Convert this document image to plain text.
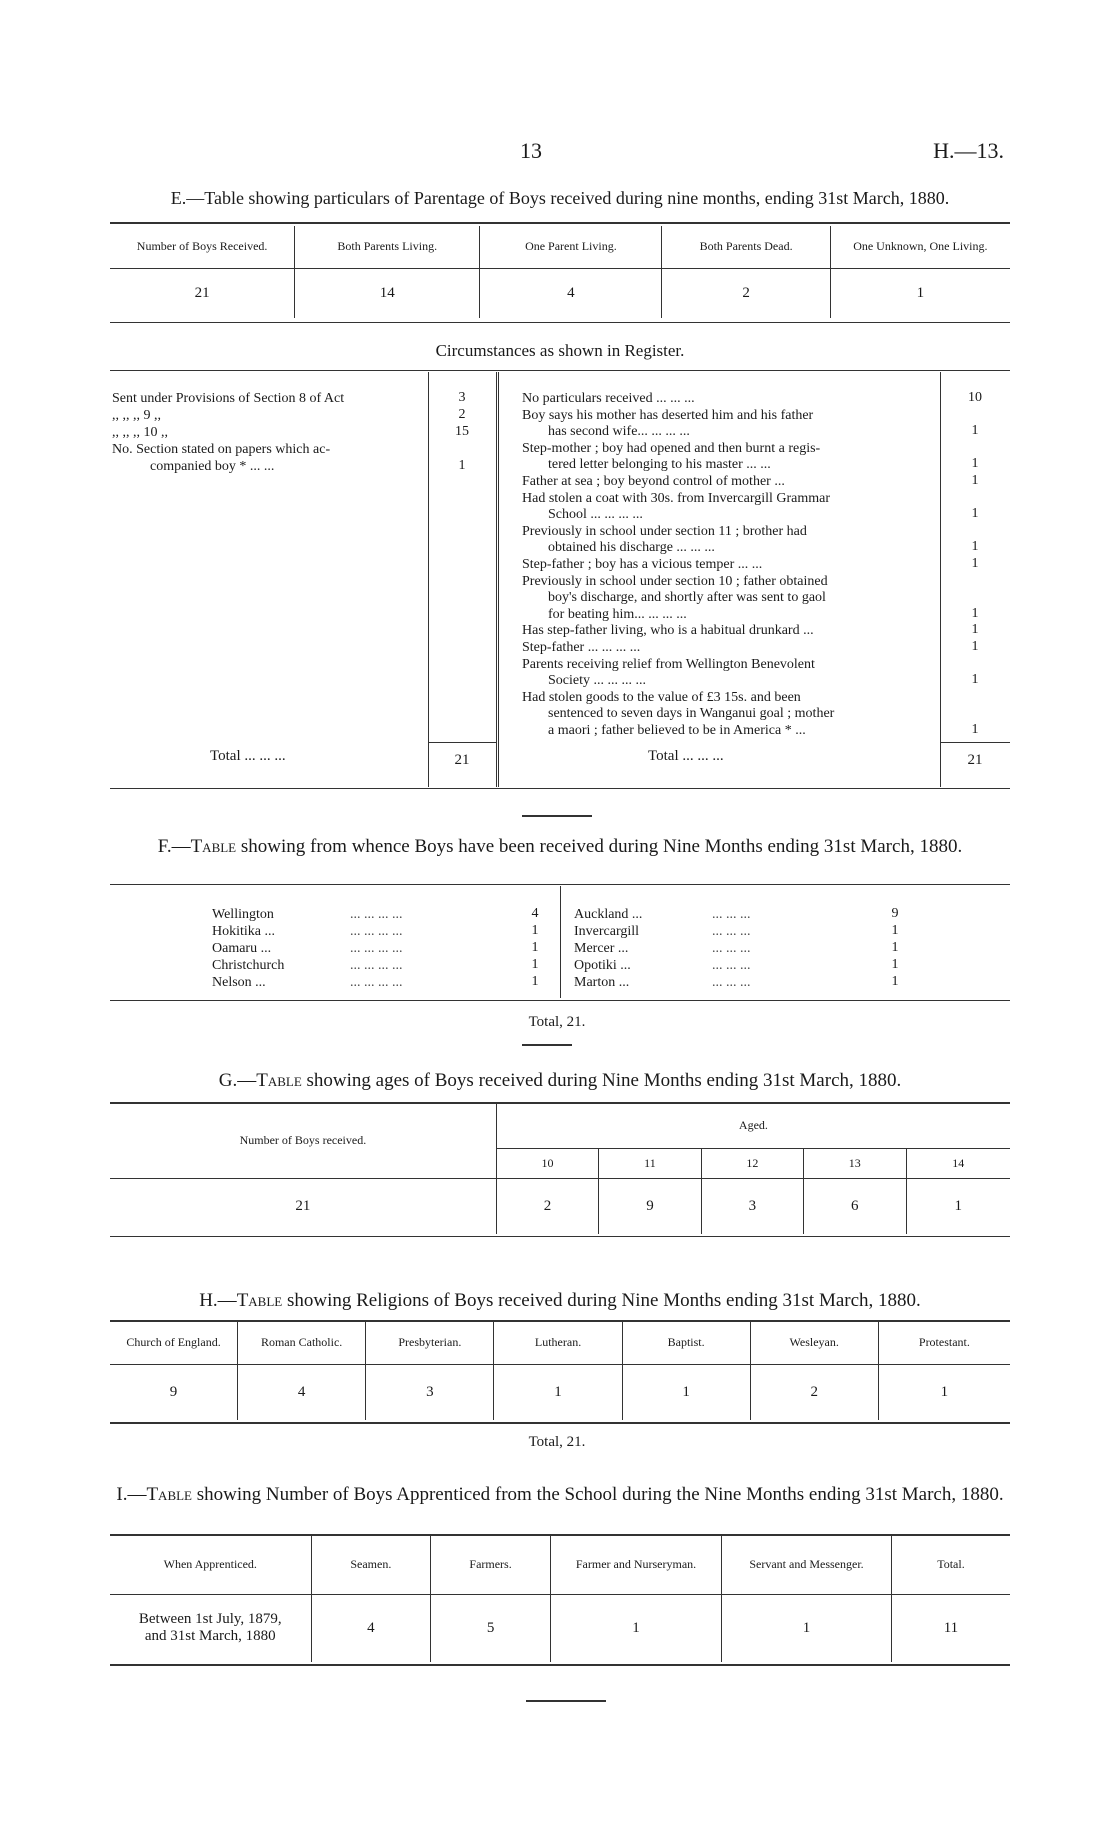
13	H.—13.
E.—Table showing particulars of Parentage of Boys received during nine months, ending 31st March, 1880.
Number of Boys Received.	Both Parents Living.	One Parent Living.	Both Parents Dead.	One Unknown, One Living.
21	14	4	2	1
Circumstances as shown in Register.
Total ... ... ...	21	Total ... ... ...	21
F.—Table showing from whence Boys have been received during Nine Months ending 31st March, 1880.
Total, 21.
G.—Table showing ages of Boys received during Nine Months ending 31st March, 1880.
Number of Boys received.	Aged.				
	10	11	12	13	14
21	2	9	3	6	1
H.—Table showing Religions of Boys received during Nine Months ending 31st March, 1880.
Church of England.	Roman Catholic.	Presbyterian.	Lutheran.	Baptist.	Wesleyan.	Protestant.
9	4	3	1	1	2	1
Total, 21.
I.—Table showing Number of Boys Apprenticed from the School during the Nine Months ending 31st March, 1880.
When Apprenticed.	Seamen.	Farmers.	Farmer and Nurseryman.	Servant and Messenger.	Total.

Between 1st July, 1879,
and 31st March, 1880	4	5	1	1	11
Sent under Provisions of Section 8 of Act	3
,, ,, ,, 9 ,,	2
,, ,, ,, 10 ,,	15
No. Section stated on papers which ac-
companied boy * ... ...	1
No particulars received ... ... ...	10
Boy says his mother has deserted him and his father
has second wife... ... ... ...	1
Step-mother ; boy had opened and then burnt a regis-
tered letter belonging to his master ... ...	1
Father at sea ; boy beyond control of mother ...	1
Had stolen a coat with 30s. from Invercargill Grammar
School ... ... ... ...	1
Previously in school under section 11 ; brother had
obtained his discharge ... ... ...	1
Step-father ; boy has a vicious temper ... ...	1
Previously in school under section 10 ; father obtained
boy's discharge, and shortly after was sent to gaol
for beating him... ... ... ...	1
Has step-father living, who is a habitual drunkard ...	1
Step-father ... ... ... ...	1
Parents receiving relief from Wellington Benevolent
Society ... ... ... ...	1
Had stolen goods to the value of £3 15s. and been
sentenced to seven days in Wanganui goal ; mother
a maori ; father believed to be in America * ...	1
Wellington	... ... ... ...	4
Hokitika ...	... ... ... ...	1
Oamaru ...	... ... ... ...	1
Christchurch	... ... ... ...	1
Nelson ...	... ... ... ...	1
Auckland ...	... ... ...	9
Invercargill	... ... ...	1
Mercer ...	... ... ...	1
Opotiki ...	... ... ...	1
Marton ...	... ... ...	1
